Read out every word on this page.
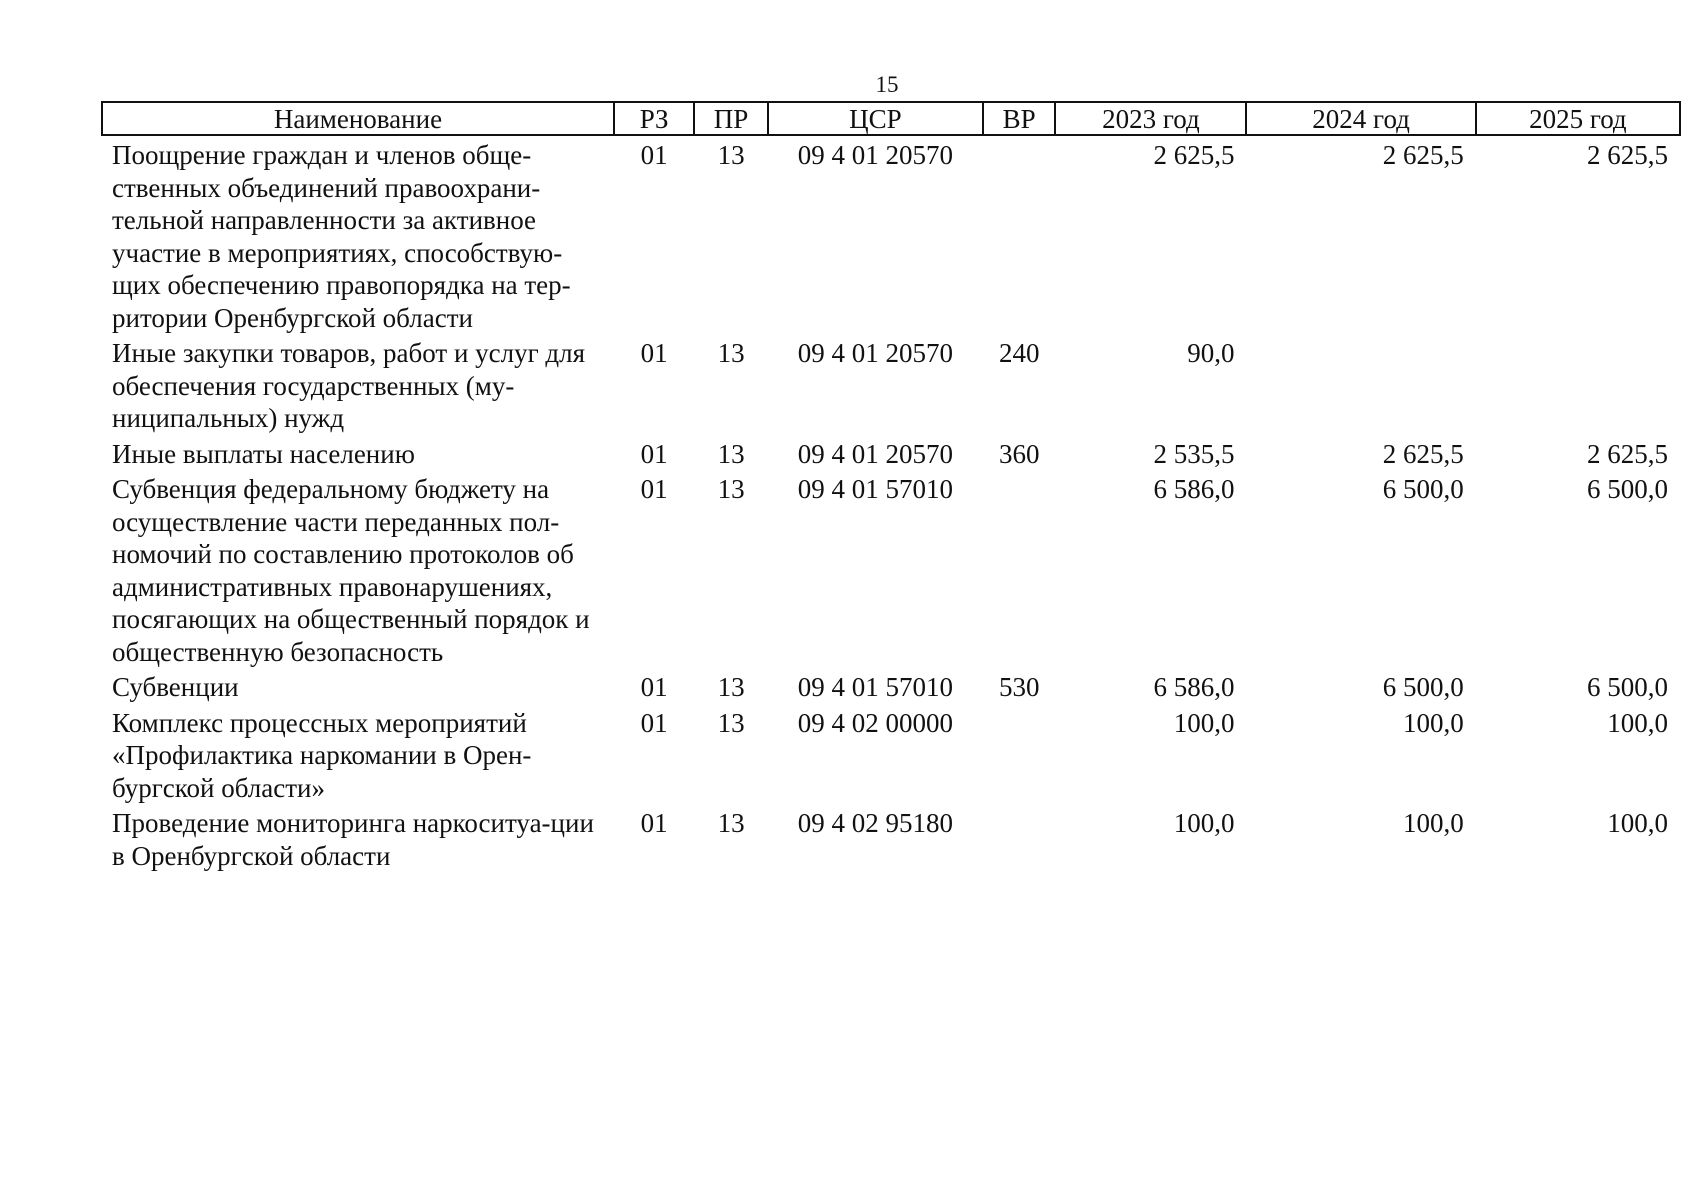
15
Наименование	РЗ	ПР	ЦСР	ВР	2023 год	2024 год	2025 год
Поощрение граждан и членов обще-ственных объединений правоохрани-тельной направленности за активное участие в мероприятиях, способствую-щих обеспечению правопорядка на тер-ритории Оренбургской области	01	13	09 4 01 20570		2 625,5	2 625,5	2 625,5
Иные закупки товаров, работ и услуг для обеспечения государственных (му-ниципальных) нужд	01	13	09 4 01 20570	240	90,0		
Иные выплаты населению	01	13	09 4 01 20570	360	2 535,5	2 625,5	2 625,5
Субвенция федеральному бюджету на осуществление части переданных пол-номочий по составлению протоколов об административных правонарушениях, посягающих на общественный порядок и общественную безопасность	01	13	09 4 01 57010		6 586,0	6 500,0	6 500,0
Субвенции	01	13	09 4 01 57010	530	6 586,0	6 500,0	6 500,0
Комплекс процессных мероприятий «Профилактика наркомании в Орен-бургской области»	01	13	09 4 02 00000		100,0	100,0	100,0
Проведение мониторинга наркоситуа-ции в Оренбургской области	01	13	09 4 02 95180		100,0	100,0	100,0
